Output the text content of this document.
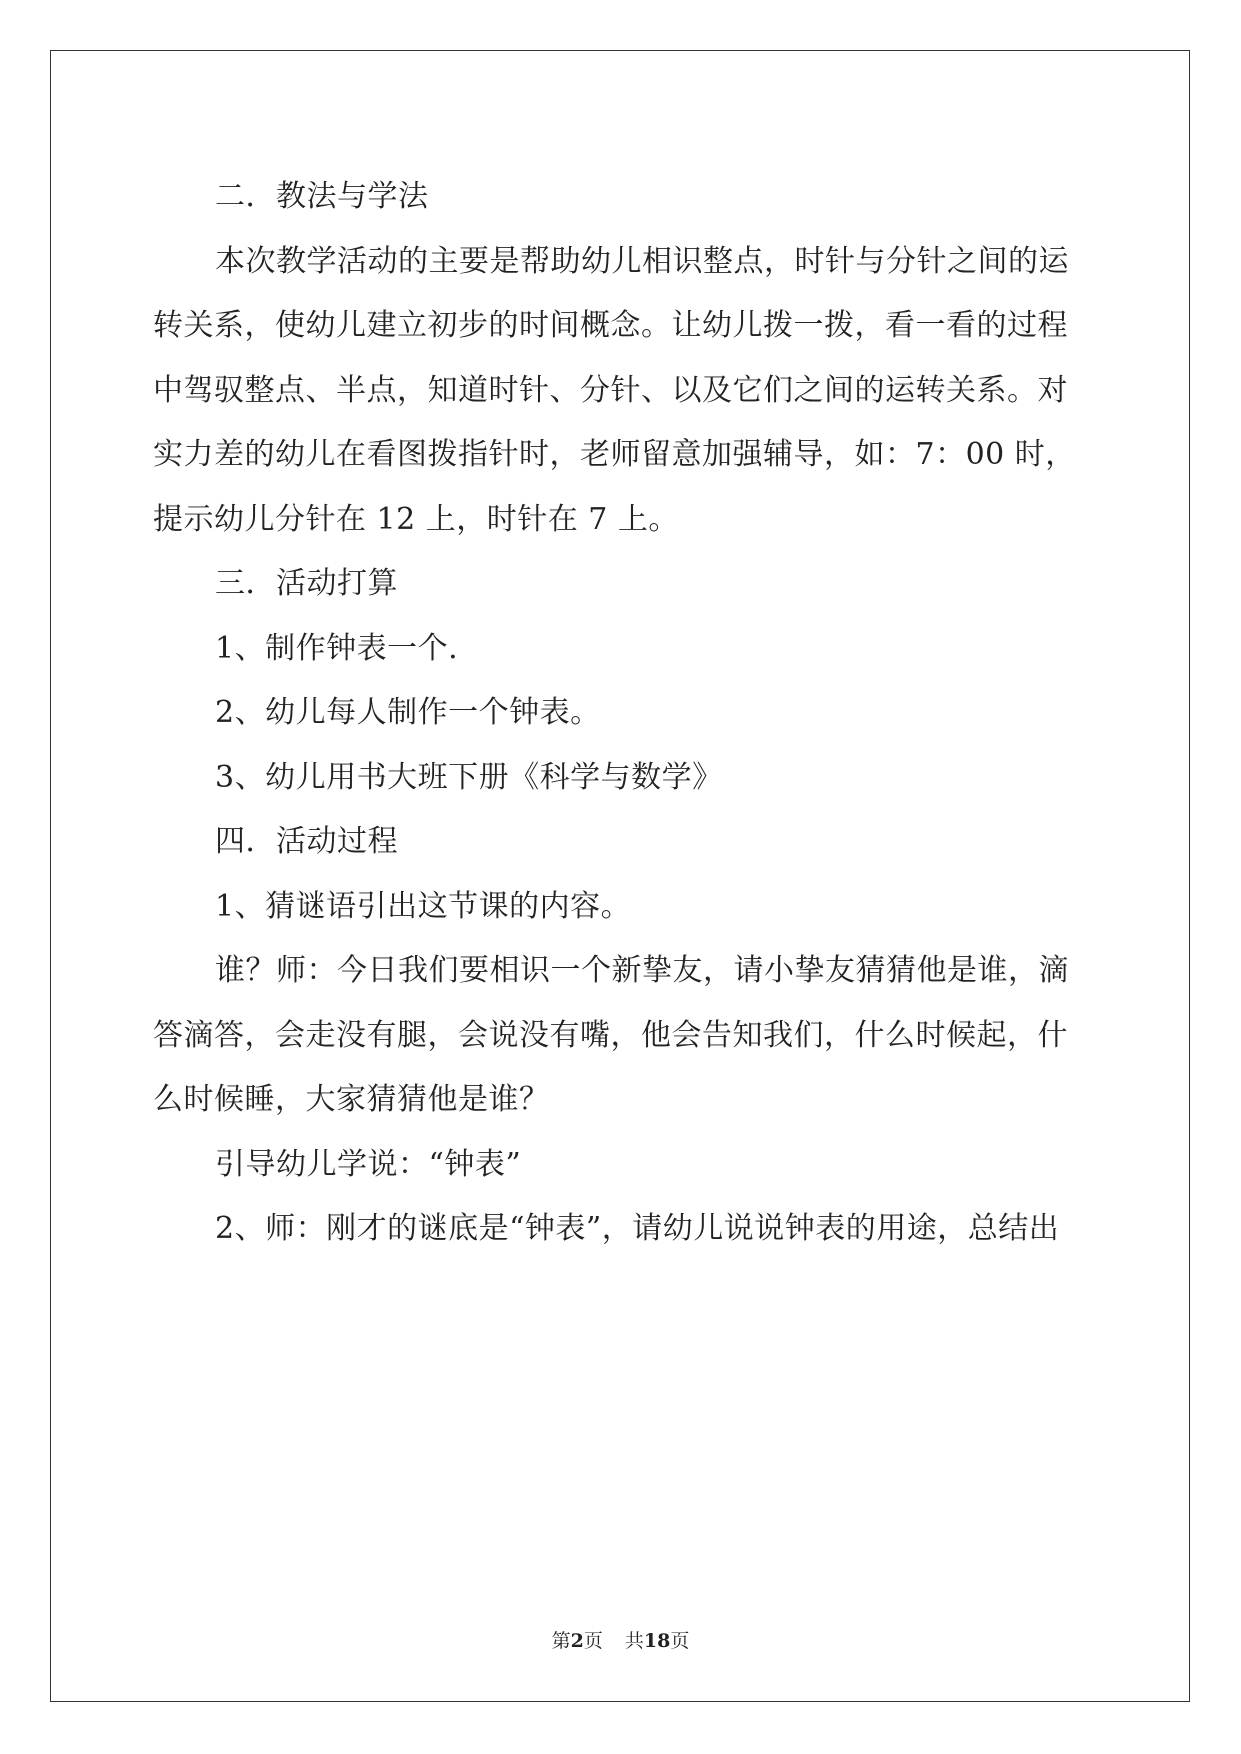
二．教法与学法
本次教学活动的主要是帮助幼儿相识整点，时针与分针之间的运
转关系，使幼儿建立初步的时间概念。让幼儿拨一拨，看一看的过程
中驾驭整点、半点，知道时针、分针、以及它们之间的运转关系。对
实力差的幼儿在看图拨指针时，老师留意加强辅导，如：7：00 时，
提示幼儿分针在 12 上，时针在 7 上。
三．活动打算
1、制作钟表一个.
2、幼儿每人制作一个钟表。
3、幼儿用书大班下册《科学与数学》
四．活动过程
1、猜谜语引出这节课的内容。
谁？师：今日我们要相识一个新挚友，请小挚友猜猜他是谁，滴
答滴答，会走没有腿，会说没有嘴，他会告知我们，什么时候起，什
么时候睡，大家猜猜他是谁？
引导幼儿学说：“钟表”
2、师：刚才的谜底是“钟表”，请幼儿说说钟表的用途，总结出
第2页 共18页
